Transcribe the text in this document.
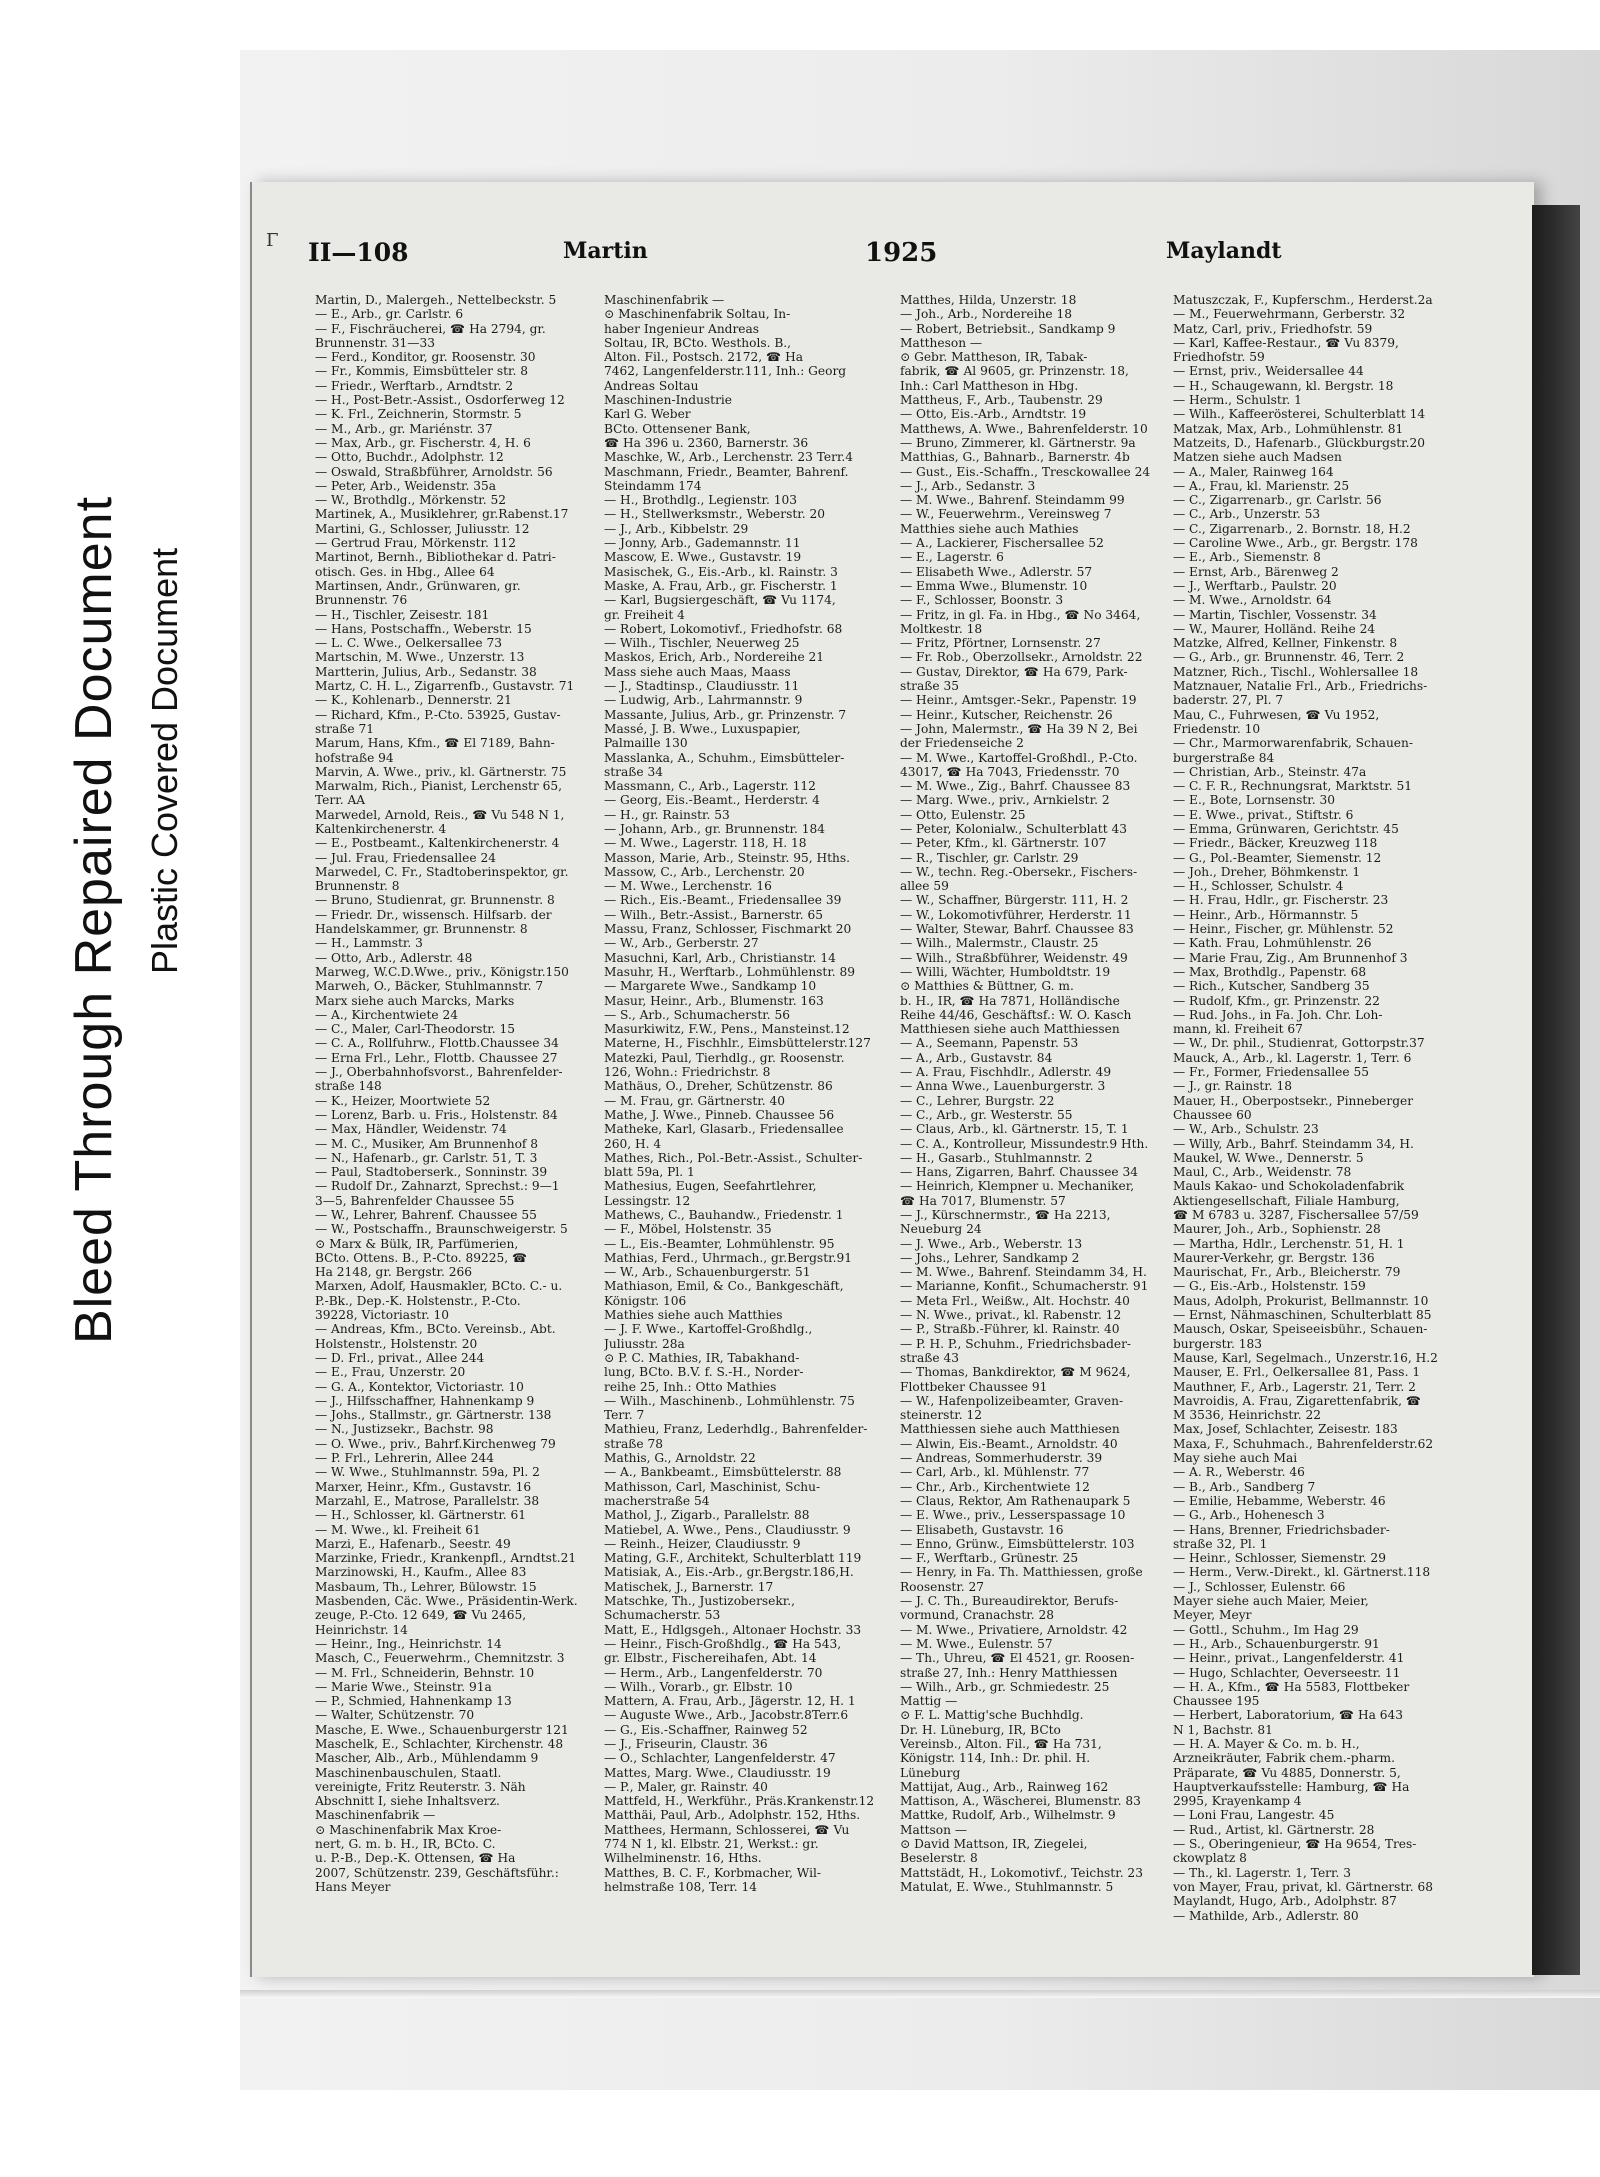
Bleed Through Repaired Document Plastic Covered Document
Γ II—108	Martin	1925	Maylandt
Martin, D., Malergeh., Nettelbeckstr. 5
— E., Arb., gr. Carlstr. 6
— F., Fischräucherei, ☎ Ha 2794, gr.
Brunnenstr. 31—33
— Ferd., Konditor, gr. Roosenstr. 30
— Fr., Kommis, Eimsbütteler str. 8
— Friedr., Werftarb., Arndtstr. 2
— H., Post-Betr.-Assist., Osdorferweg 12
— K. Frl., Zeichnerin, Stormstr. 5
— M., Arb., gr. Mariénstr. 37
— Max, Arb., gr. Fischerstr. 4, H. 6
— Otto, Buchdr., Adolphstr. 12
— Oswald, Straßbführer, Arnoldstr. 56
— Peter, Arb., Weidenstr. 35a
— W., Brothdlg., Mörkenstr. 52
Martinek, A., Musiklehrer, gr.Rabenst.17
Martini, G., Schlosser, Juliusstr. 12
— Gertrud Frau, Mörkenstr. 112
Martinot, Bernh., Bibliothekar d. Patri-
otisch. Ges. in Hbg., Allee 64
Martinsen, Andr., Grünwaren, gr.
Brunnenstr. 76
— H., Tischler, Zeisestr. 181
— Hans, Postschaffn., Weberstr. 15
— L. C. Wwe., Oelkersallee 73
Martschin, M. Wwe., Unzerstr. 13
Martterin, Julius, Arb., Sedanstr. 38
Martz, C. H. L., Zigarrenfb., Gustavstr. 71
— K., Kohlenarb., Dennerstr. 21
— Richard, Kfm., P.-Cto. 53925, Gustav-
straße 71
Marum, Hans, Kfm., ☎ El 7189, Bahn-
hofstraße 94
Marvin, A. Wwe., priv., kl. Gärtnerstr. 75
Marwalm, Rich., Pianist, Lerchenstr 65,
Terr. AA
Marwedel, Arnold, Reis., ☎ Vu 548 N 1,
Kaltenkirchenerstr. 4
— E., Postbeamt., Kaltenkirchenerstr. 4
— Jul. Frau, Friedensallee 24
Marwedel, C. Fr., Stadtoberinspektor, gr.
Brunnenstr. 8
— Bruno, Studienrat, gr. Brunnenstr. 8
— Friedr. Dr., wissensch. Hilfsarb. der
Handelskammer, gr. Brunnenstr. 8
— H., Lammstr. 3
— Otto, Arb., Adlerstr. 48
Marweg, W.C.D.Wwe., priv., Königstr.150
Marweh, O., Bäcker, Stuhlmannstr. 7
Marx siehe auch Marcks, Marks
— A., Kirchentwiete 24
— C., Maler, Carl-Theodorstr. 15
— C. A., Rollfuhrw., Flottb.Chaussee 34
— Erna Frl., Lehr., Flottb. Chaussee 27
— J., Oberbahnhofsvorst., Bahrenfelder-
straße 148
— K., Heizer, Moortwiete 52
— Lorenz, Barb. u. Fris., Holstenstr. 84
— Max, Händler, Weidenstr. 74
— M. C., Musiker, Am Brunnenhof 8
— N., Hafenarb., gr. Carlstr. 51, T. 3
— Paul, Stadtoberserk., Sonninstr. 39
— Rudolf Dr., Zahnarzt, Sprechst.: 9—1
3—5, Bahrenfelder Chaussee 55
— W., Lehrer, Bahrenf. Chaussee 55
— W., Postschaffn., Braunschweigerstr. 5
⊙ Marx & Bülk, IR, Parfümerien,
BCto. Ottens. B., P.-Cto. 89225, ☎
Ha 2148, gr. Bergstr. 266
Marxen, Adolf, Hausmakler, BCto. C.- u.
P.-Bk., Dep.-K. Holstenstr., P.-Cto.
39228, Victoriastr. 10
— Andreas, Kfm., BCto. Vereinsb., Abt.
Holstenstr., Holstenstr. 20
— D. Frl., privat., Allee 244
— E., Frau, Unzerstr. 20
— G. A., Kontektor, Victoriastr. 10
— J., Hilfsschaffner, Hahnenkamp 9
— Johs., Stallmstr., gr. Gärtnerstr. 138
— N., Justizsekr., Bachstr. 98
— O. Wwe., priv., Bahrf.Kirchenweg 79
— P. Frl., Lehrerin, Allee 244
— W. Wwe., Stuhlmannstr. 59a, Pl. 2
Marxer, Heinr., Kfm., Gustavstr. 16
Marzahl, E., Matrose, Parallelstr. 38
— H., Schlosser, kl. Gärtnerstr. 61
— M. Wwe., kl. Freiheit 61
Marzi, E., Hafenarb., Seestr. 49
Marzinke, Friedr., Krankenpfl., Arndtst.21
Marzinowski, H., Kaufm., Allee 83
Masbaum, Th., Lehrer, Bülowstr. 15
Masbenden, Cäc. Wwe., Präsidentin-Werk.
zeuge, P.-Cto. 12 649, ☎ Vu 2465,
Heinrichstr. 14
— Heinr., Ing., Heinrichstr. 14
Masch, C., Feuerwehrm., Chemnitzstr. 3
— M. Frl., Schneiderin, Behnstr. 10
— Marie Wwe., Steinstr. 91a
— P., Schmied, Hahnenkamp 13
— Walter, Schützenstr. 70
Masche, E. Wwe., Schauenburgerstr 121
Maschelk, E., Schlachter, Kirchenstr. 48
Mascher, Alb., Arb., Mühlendamm 9
Maschinenbauschulen, Staatl.
vereinigte, Fritz Reuterstr. 3. Näh
Abschnitt I, siehe Inhaltsverz.
Maschinenfabrik —
⊙ Maschinenfabrik Max Kroe-
nert, G. m. b. H., IR, BCto. C.
u. P.-B., Dep.-K. Ottensen, ☎ Ha
2007, Schützenstr. 239, Geschäftsführ.:
Hans Meyer
Maschinenfabrik —
⊙ Maschinenfabrik Soltau, In-
haber Ingenieur Andreas
Soltau, IR, BCto. Westhols. B.,
Alton. Fil., Postsch. 2172, ☎ Ha
7462, Langenfelderstr.111, Inh.: Georg
Andreas Soltau
Maschinen-Industrie
Karl G. Weber
BCto. Ottensener Bank,
☎ Ha 396 u. 2360, Barnerstr. 36
Maschke, W., Arb., Lerchenstr. 23 Terr.4
Maschmann, Friedr., Beamter, Bahrenf.
Steindamm 174
— H., Brothdlg., Legienstr. 103
— H., Stellwerksmstr., Weberstr. 20
— J., Arb., Kibbelstr. 29
— Jonny, Arb., Gademannstr. 11
Mascow, E. Wwe., Gustavstr. 19
Masischek, G., Eis.-Arb., kl. Rainstr. 3
Maske, A. Frau, Arb., gr. Fischerstr. 1
— Karl, Bugsiergeschäft, ☎ Vu 1174,
gr. Freiheit 4
— Robert, Lokomotivf., Friedhofstr. 68
— Wilh., Tischler, Neuerweg 25
Maskos, Erich, Arb., Nordereihe 21
Mass siehe auch Maas, Maass
— J., Stadtinsp., Claudiusstr. 11
— Ludwig, Arb., Lahrmannstr. 9
Massante, Julius, Arb., gr. Prinzenstr. 7
Massé, J. B. Wwe., Luxuspapier,
Palmaille 130
Masslanka, A., Schuhm., Eimsbütteler-
straße 34
Massmann, C., Arb., Lagerstr. 112
— Georg, Eis.-Beamt., Herderstr. 4
— H., gr. Rainstr. 53
— Johann, Arb., gr. Brunnenstr. 184
— M. Wwe., Lagerstr. 118, H. 18
Masson, Marie, Arb., Steinstr. 95, Hths.
Massow, C., Arb., Lerchenstr. 20
— M. Wwe., Lerchenstr. 16
— Rich., Eis.-Beamt., Friedensallee 39
— Wilh., Betr.-Assist., Barnerstr. 65
Massu, Franz, Schlosser, Fischmarkt 20
— W., Arb., Gerberstr. 27
Masuchni, Karl, Arb., Christianstr. 14
Masuhr, H., Werftarb., Lohmühlenstr. 89
— Margarete Wwe., Sandkamp 10
Masur, Heinr., Arb., Blumenstr. 163
— S., Arb., Schumacherstr. 56
Masurkiwitz, F.W., Pens., Mansteinst.12
Materne, H., Fischhlr., Eimsbüttelerstr.127
Matezki, Paul, Tierhdlg., gr. Roosenstr.
126, Wohn.: Friedrichstr. 8
Mathäus, O., Dreher, Schützenstr. 86
— M. Frau, gr. Gärtnerstr. 40
Mathe, J. Wwe., Pinneb. Chaussee 56
Matheke, Karl, Glasarb., Friedensallee
260, H. 4
Mathes, Rich., Pol.-Betr.-Assist., Schulter-
blatt 59a, Pl. 1
Mathesius, Eugen, Seefahrtlehrer,
Lessingstr. 12
Mathews, C., Bauhandw., Friedenstr. 1
— F., Möbel, Holstenstr. 35
— L., Eis.-Beamter, Lohmühlenstr. 95
Mathias, Ferd., Uhrmach., gr.Bergstr.91
— W., Arb., Schauenburgerstr. 51
Mathiason, Emil, & Co., Bankgeschäft,
Königstr. 106
Mathies siehe auch Matthies
— J. F. Wwe., Kartoffel-Großhdlg.,
Juliusstr. 28a
⊙ P. C. Mathies, IR, Tabakhand-
lung, BCto. B.V. f. S.-H., Norder-
reihe 25, Inh.: Otto Mathies
— Wilh., Maschinenb., Lohmühlenstr. 75
Terr. 7
Mathieu, Franz, Lederhdlg., Bahrenfelder-
straße 78
Mathis, G., Arnoldstr. 22
— A., Bankbeamt., Eimsbüttelerstr. 88
Mathisson, Carl, Maschinist, Schu-
macherstraße 54
Mathol, J., Zigarb., Parallelstr. 88
Matiebel, A. Wwe., Pens., Claudiusstr. 9
— Reinh., Heizer, Claudiusstr. 9
Mating, G.F., Architekt, Schulterblatt 119
Matisiak, A., Eis.-Arb., gr.Bergstr.186,H.
Matischek, J., Barnerstr. 17
Matschke, Th., Justizobersekr.,
Schumacherstr. 53
Matt, E., Hdlgsgeh., Altonaer Hochstr. 33
— Heinr., Fisch-Großhdlg., ☎ Ha 543,
gr. Elbstr., Fischereihafen, Abt. 14
— Herm., Arb., Langenfelderstr. 70
— Wilh., Vorarb., gr. Elbstr. 10
Mattern, A. Frau, Arb., Jägerstr. 12, H. 1
— Auguste Wwe., Arb., Jacobstr.8Terr.6
— G., Eis.-Schaffner, Rainweg 52
— J., Friseurin, Claustr. 36
— O., Schlachter, Langenfelderstr. 47
Mattes, Marg. Wwe., Claudiusstr. 19
— P., Maler, gr. Rainstr. 40
Mattfeld, H., Werkführ., Präs.Krankenstr.12
Matthäi, Paul, Arb., Adolphstr. 152, Hths.
Matthees, Hermann, Schlosserei, ☎ Vu
774 N 1, kl. Elbstr. 21, Werkst.: gr.
Wilhelminenstr. 16, Hths.
Matthes, B. C. F., Korbmacher, Wil-
helmstraße 108, Terr. 14
Matthes, Hilda, Unzerstr. 18
— Joh., Arb., Nordereihe 18
— Robert, Betriebsit., Sandkamp 9
Mattheson —
⊙ Gebr. Mattheson, IR, Tabak-
fabrik, ☎ Al 9605, gr. Prinzenstr. 18,
Inh.: Carl Mattheson in Hbg.
Mattheus, F., Arb., Taubenstr. 29
— Otto, Eis.-Arb., Arndtstr. 19
Matthews, A. Wwe., Bahrenfelderstr. 10
— Bruno, Zimmerer, kl. Gärtnerstr. 9a
Matthias, G., Bahnarb., Barnerstr. 4b
— Gust., Eis.-Schaffn., Tresckowallee 24
— J., Arb., Sedanstr. 3
— M. Wwe., Bahrenf. Steindamm 99
— W., Feuerwehrm., Vereinsweg 7
Matthies siehe auch Mathies
— A., Lackierer, Fischersallee 52
— E., Lagerstr. 6
— Elisabeth Wwe., Adlerstr. 57
— Emma Wwe., Blumenstr. 10
— F., Schlosser, Boonstr. 3
— Fritz, in gl. Fa. in Hbg., ☎ No 3464,
Moltkestr. 18
— Fritz, Pförtner, Lornsenstr. 27
— Fr. Rob., Oberzollsekr., Arnoldstr. 22
— Gustav, Direktor, ☎ Ha 679, Park-
straße 35
— Heinr., Amtsger.-Sekr., Papenstr. 19
— Heinr., Kutscher, Reichenstr. 26
— John, Malermstr., ☎ Ha 39 N 2, Bei
der Friedenseiche 2
— M. Wwe., Kartoffel-Großhdl., P.-Cto.
43017, ☎ Ha 7043, Friedensstr. 70
— M. Wwe., Zig., Bahrf. Chaussee 83
— Marg. Wwe., priv., Arnkielstr. 2
— Otto, Eulenstr. 25
— Peter, Kolonialw., Schulterblatt 43
— Peter, Kfm., kl. Gärtnerstr. 107
— R., Tischler, gr. Carlstr. 29
— W., techn. Reg.-Obersekr., Fischers-
allee 59
— W., Schaffner, Bürgerstr. 111, H. 2
— W., Lokomotivführer, Herderstr. 11
— Walter, Stewar, Bahrf. Chaussee 83
— Wilh., Malermstr., Claustr. 25
— Wilh., Straßbführer, Weidenstr. 49
— Willi, Wächter, Humboldtstr. 19
⊙ Matthies & Büttner, G. m.
b. H., IR, ☎ Ha 7871, Holländische
Reihe 44/46, Geschäftsf.: W. O. Kasch
Matthiesen siehe auch Matthiessen
— A., Seemann, Papenstr. 53
— A., Arb., Gustavstr. 84
— A. Frau, Fischhdlr., Adlerstr. 49
— Anna Wwe., Lauenburgerstr. 3
— C., Lehrer, Burgstr. 22
— C., Arb., gr. Westerstr. 55
— Claus, Arb., kl. Gärtnerstr. 15, T. 1
— C. A., Kontrolleur, Missundestr.9 Hth.
— H., Gasarb., Stuhlmannstr. 2
— Hans, Zigarren, Bahrf. Chaussee 34
— Heinrich, Klempner u. Mechaniker,
☎ Ha 7017, Blumenstr. 57
— J., Kürschnermstr., ☎ Ha 2213,
Neueburg 24
— J. Wwe., Arb., Weberstr. 13
— Johs., Lehrer, Sandkamp 2
— M. Wwe., Bahrenf. Steindamm 34, H.
— Marianne, Konfit., Schumacherstr. 91
— Meta Frl., Weißw., Alt. Hochstr. 40
— N. Wwe., privat., kl. Rabenstr. 12
— P., Straßb.-Führer, kl. Rainstr. 40
— P. H. P., Schuhm., Friedrichsbader-
straße 43
— Thomas, Bankdirektor, ☎ M 9624,
Flottbeker Chaussee 91
— W., Hafenpolizeibeamter, Graven-
steinerstr. 12
Matthiessen siehe auch Matthiesen
— Alwin, Eis.-Beamt., Arnoldstr. 40
— Andreas, Sommerhuderstr. 39
— Carl, Arb., kl. Mühlenstr. 77
— Chr., Arb., Kirchentwiete 12
— Claus, Rektor, Am Rathenaupark 5
— E. Wwe., priv., Lesserspassage 10
— Elisabeth, Gustavstr. 16
— Enno, Grünw., Eimsbüttelerstr. 103
— F., Werftarb., Grünestr. 25
— Henry, in Fa. Th. Matthiessen, große
Roosenstr. 27
— J. C. Th., Bureaudirektor, Berufs-
vormund, Cranachstr. 28
— M. Wwe., Privatiere, Arnoldstr. 42
— M. Wwe., Eulenstr. 57
— Th., Uhreu, ☎ El 4521, gr. Roosen-
straße 27, Inh.: Henry Matthiessen
— Wilh., Arb., gr. Schmiedestr. 25
Mattig —
⊙ F. L. Mattig'sche Buchhdlg.
Dr. H. Lüneburg, IR, BCto
Vereinsb., Alton. Fil., ☎ Ha 731,
Königstr. 114, Inh.: Dr. phil. H.
Lüneburg
Mattijat, Aug., Arb., Rainweg 162
Mattison, A., Wäscherei, Blumenstr. 83
Mattke, Rudolf, Arb., Wilhelmstr. 9
Mattson —
⊙ David Mattson, IR, Ziegelei,
Beselerstr. 8
Mattstädt, H., Lokomotivf., Teichstr. 23
Matulat, E. Wwe., Stuhlmannstr. 5
Matuszczak, F., Kupferschm., Herderst.2a
— M., Feuerwehrmann, Gerberstr. 32
Matz, Carl, priv., Friedhofstr. 59
— Karl, Kaffee-Restaur., ☎ Vu 8379,
Friedhofstr. 59
— Ernst, priv., Weidersallee 44
— H., Schaugewann, kl. Bergstr. 18
— Herm., Schulstr. 1
— Wilh., Kaffeerösterei, Schulterblatt 14
Matzak, Max, Arb., Lohmühlenstr. 81
Matzeits, D., Hafenarb., Glückburgstr.20
Matzen siehe auch Madsen
— A., Maler, Rainweg 164
— A., Frau, kl. Marienstr. 25
— C., Zigarrenarb., gr. Carlstr. 56
— C., Arb., Unzerstr. 53
— C., Zigarrenarb., 2. Bornstr. 18, H.2
— Caroline Wwe., Arb., gr. Bergstr. 178
— E., Arb., Siemenstr. 8
— Ernst, Arb., Bärenweg 2
— J., Werftarb., Paulstr. 20
— M. Wwe., Arnoldstr. 64
— Martin, Tischler, Vossenstr. 34
— W., Maurer, Holländ. Reihe 24
Matzke, Alfred, Kellner, Finkenstr. 8
— G., Arb., gr. Brunnenstr. 46, Terr. 2
Matzner, Rich., Tischl., Wohlersallee 18
Matznauer, Natalie Frl., Arb., Friedrichs-
baderstr. 27, Pl. 7
Mau, C., Fuhrwesen, ☎ Vu 1952,
Friedenstr. 10
— Chr., Marmorwarenfabrik, Schauen-
burgerstraße 84
— Christian, Arb., Steinstr. 47a
— C. F. R., Rechnungsrat, Marktstr. 51
— E., Bote, Lornsenstr. 30
— E. Wwe., privat., Stiftstr. 6
— Emma, Grünwaren, Gerichtstr. 45
— Friedr., Bäcker, Kreuzweg 118
— G., Pol.-Beamter, Siemenstr. 12
— Joh., Dreher, Böhmkenstr. 1
— H., Schlosser, Schulstr. 4
— H. Frau, Hdlr., gr. Fischerstr. 23
— Heinr., Arb., Hörmannstr. 5
— Heinr., Fischer, gr. Mühlenstr. 52
— Kath. Frau, Lohmühlenstr. 26
— Marie Frau, Zig., Am Brunnenhof 3
— Max, Brothdlg., Papenstr. 68
— Rich., Kutscher, Sandberg 35
— Rudolf, Kfm., gr. Prinzenstr. 22
— Rud. Johs., in Fa. Joh. Chr. Loh-
mann, kl. Freiheit 67
— W., Dr. phil., Studienrat, Gottorpstr.37
Mauck, A., Arb., kl. Lagerstr. 1, Terr. 6
— Fr., Former, Friedensallee 55
— J., gr. Rainstr. 18
Mauer, H., Oberpostsekr., Pinneberger
Chaussee 60
— W., Arb., Schulstr. 23
— Willy, Arb., Bahrf. Steindamm 34, H.
Maukel, W. Wwe., Dennerstr. 5
Maul, C., Arb., Weidenstr. 78
Mauls Kakao- und Schokoladenfabrik
Aktiengesellschaft, Filiale Hamburg,
☎ M 6783 u. 3287, Fischersallee 57/59
Maurer, Joh., Arb., Sophienstr. 28
— Martha, Hdlr., Lerchenstr. 51, H. 1
Maurer-Verkehr, gr. Bergstr. 136
Maurischat, Fr., Arb., Bleicherstr. 79
— G., Eis.-Arb., Holstenstr. 159
Maus, Adolph, Prokurist, Bellmannstr. 10
— Ernst, Nähmaschinen, Schulterblatt 85
Mausch, Oskar, Speiseeisbühr., Schauen-
burgerstr. 183
Mause, Karl, Segelmach., Unzerstr.16, H.2
Mauser, E. Frl., Oelkersallee 81, Pass. 1
Mauthner, F., Arb., Lagerstr. 21, Terr. 2
Mavroidis, A. Frau, Zigarettenfabrik, ☎
M 3536, Heinrichstr. 22
Max, Josef, Schlachter, Zeisestr. 183
Maxa, F., Schuhmach., Bahrenfelderstr.62
May siehe auch Mai
— A. R., Weberstr. 46
— B., Arb., Sandberg 7
— Emilie, Hebamme, Weberstr. 46
— G., Arb., Hohenesch 3
— Hans, Brenner, Friedrichsbader-
straße 32, Pl. 1
— Heinr., Schlosser, Siemenstr. 29
— Herm., Verw.-Direkt., kl. Gärtnerst.118
— J., Schlosser, Eulenstr. 66
Mayer siehe auch Maier, Meier,
Meyer, Meyr
— Gottl., Schuhm., Im Hag 29
— H., Arb., Schauenburgerstr. 91
— Heinr., privat., Langenfelderstr. 41
— Hugo, Schlachter, Oeverseestr. 11
— H. A., Kfm., ☎ Ha 5583, Flottbeker
Chaussee 195
— Herbert, Laboratorium, ☎ Ha 643
N 1, Bachstr. 81
— H. A. Mayer & Co. m. b. H.,
Arzneikräuter, Fabrik chem.-pharm.
Präparate, ☎ Vu 4885, Donnerstr. 5,
Hauptverkaufsstelle: Hamburg, ☎ Ha
2995, Krayenkamp 4
— Loni Frau, Langestr. 45
— Rud., Artist, kl. Gärtnerstr. 28
— S., Oberingenieur, ☎ Ha 9654, Tres-
ckowplatz 8
— Th., kl. Lagerstr. 1, Terr. 3
von Mayer, Frau, privat, kl. Gärtnerstr. 68
Maylandt, Hugo, Arb., Adolphstr. 87
— Mathilde, Arb., Adlerstr. 80
